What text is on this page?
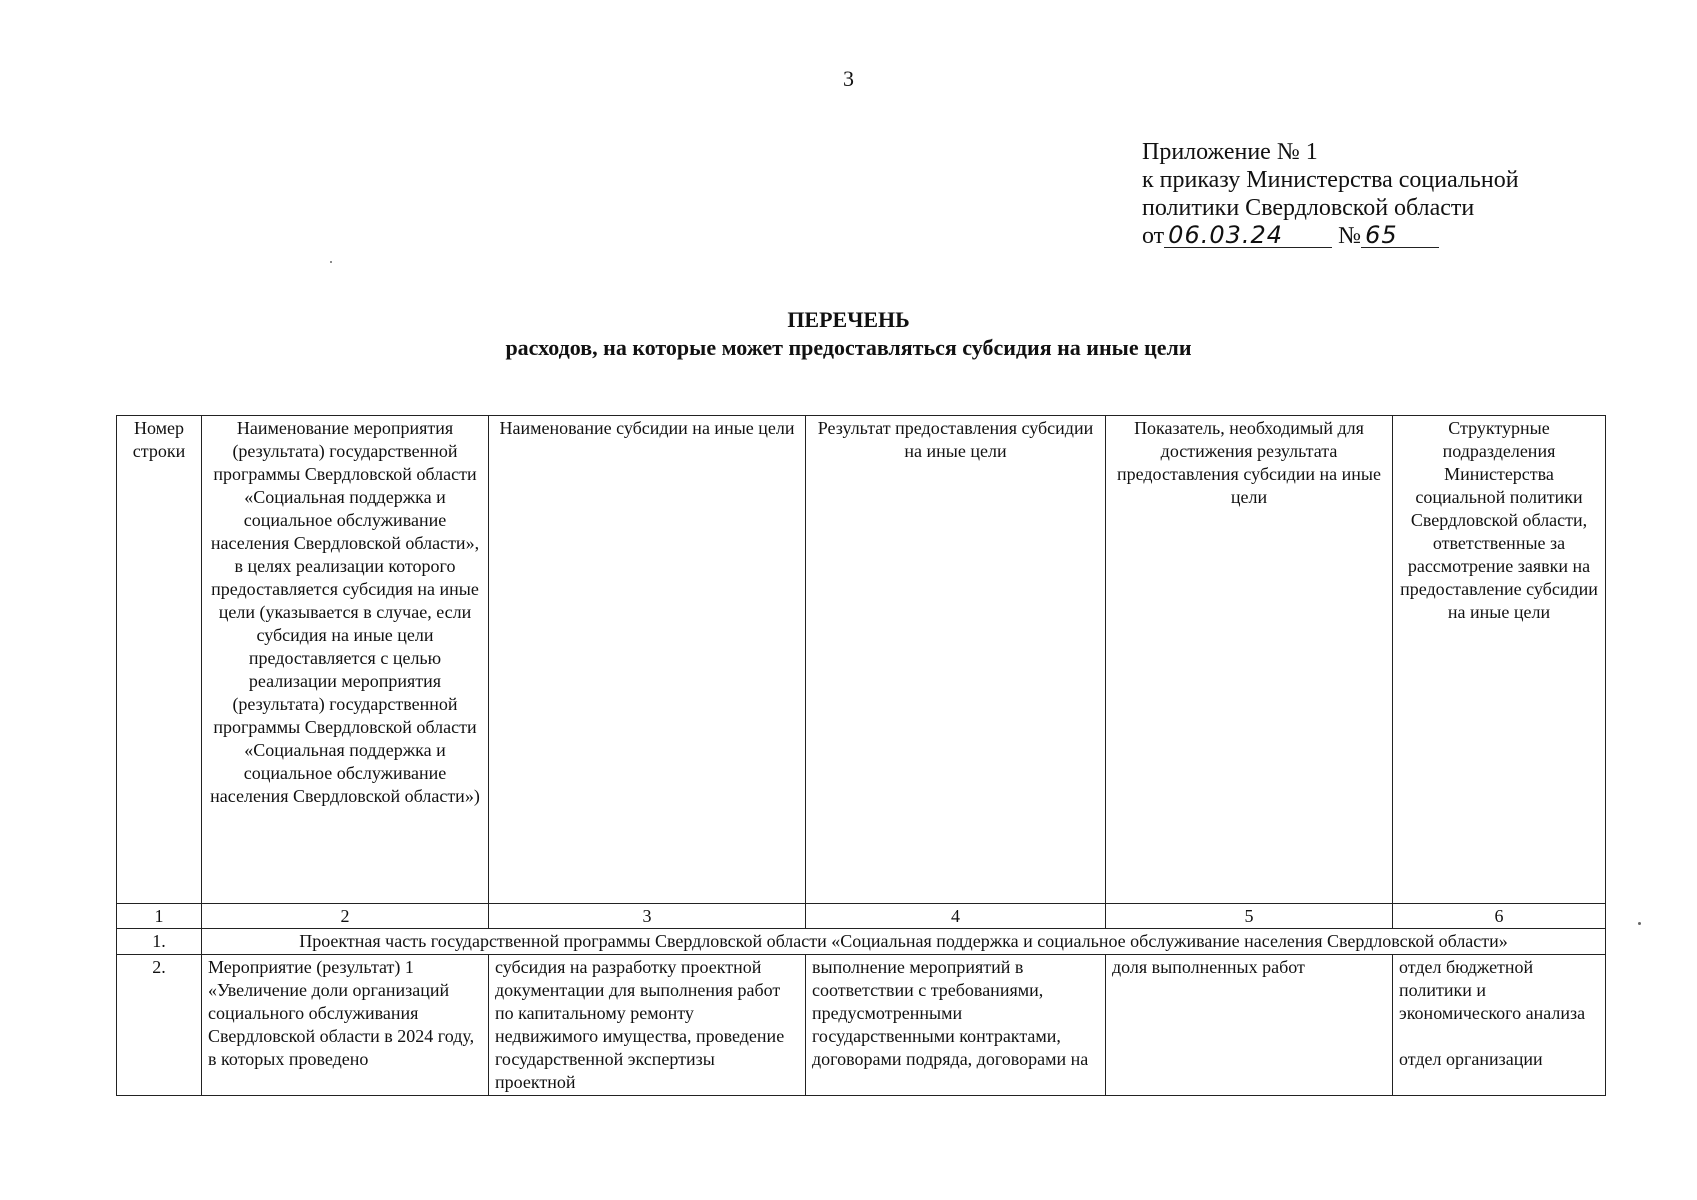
3
Приложение № 1
к приказу Министерства социальной
политики Свердловской области
от 06.03.24 № 65
ПЕРЕЧЕНЬ
расходов, на которые может предоставляться субсидия на иные цели
Номер строки	Наименование мероприятия (результата) государственной программы Свердловской области «Социальная поддержка и социальное обслуживание населения Свердловской области», в целях реализации которого предоставляется субсидия на иные цели (указывается в случае, если субсидия на иные цели предоставляется с целью реализации мероприятия (результата) государственной программы Свердловской области «Социальная поддержка и социальное обслуживание населения Свердловской области»)	Наименование субсидии на иные цели	Результат предоставления субсидии на иные цели	Показатель, необходимый для достижения результата предоставления субсидии на иные цели	Структурные подразделения Министерства социальной политики Свердловской области, ответственные за рассмотрение заявки на предоставление субсидии на иные цели
1	2	3	4	5	6
1.	Проектная часть государственной программы Свердловской области «Социальная поддержка и социальное обслуживание населения Свердловской области»				
2.	Мероприятие (результат) 1 «Увеличение доли организаций социального обслуживания Свердловской области в 2024 году, в которых проведено	субсидия на разработку проектной документации для выполнения работ по капитальному ремонту недвижимого имущества, проведение государственной экспертизы проектной	выполнение мероприятий в соответствии с требованиями, предусмотренными государственными контрактами, договорами подряда, договорами на	доля выполненных работ	отдел бюджетной политики и экономического анализа
отдел организации
